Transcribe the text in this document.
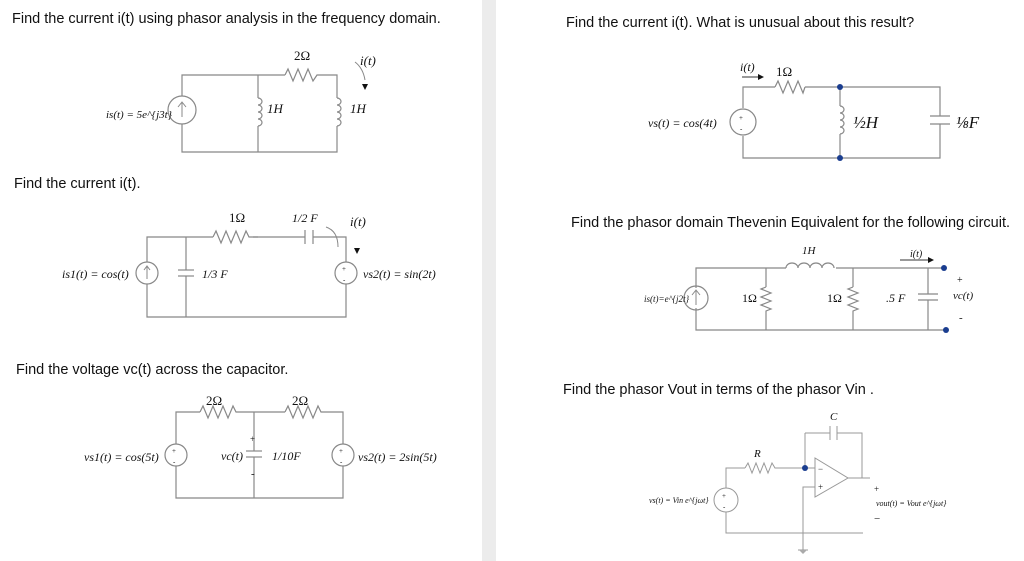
Find the current i(t) using phasor analysis in the frequency domain.
Find the current i(t).
Find the voltage vc(t) across the capacitor.
Find the current i(t). What is unusual about this result?
Find the phasor domain Thevenin Equivalent for the following circuit.
Find the phasor Vout in terms of the phasor Vin .
2Ω	i(t)
1H	1H
is(t) = 5e^{j3t}
+
-
1Ω	1/2 F i(t)
1/3 F
is1(t) = cos(t)	vs2(t) = sin(2t)
+
-
+
-
2Ω	2Ω
+
-
vc(t) 1/10F
vs1(t) = cos(5t)	vs2(t) = 2sin(5t)
+
-
i(t) 1Ω
½H	⅛F
vs(t) = cos(4t)
1H	i(t)
1Ω	1Ω	.5 F
+
vc(t)
-
is(t)=e^{j2t}
+
-
C
R
−
+	+
−
vs(t) = Vin e^{jωt}	vout(t) = Vout e^{jωt}
